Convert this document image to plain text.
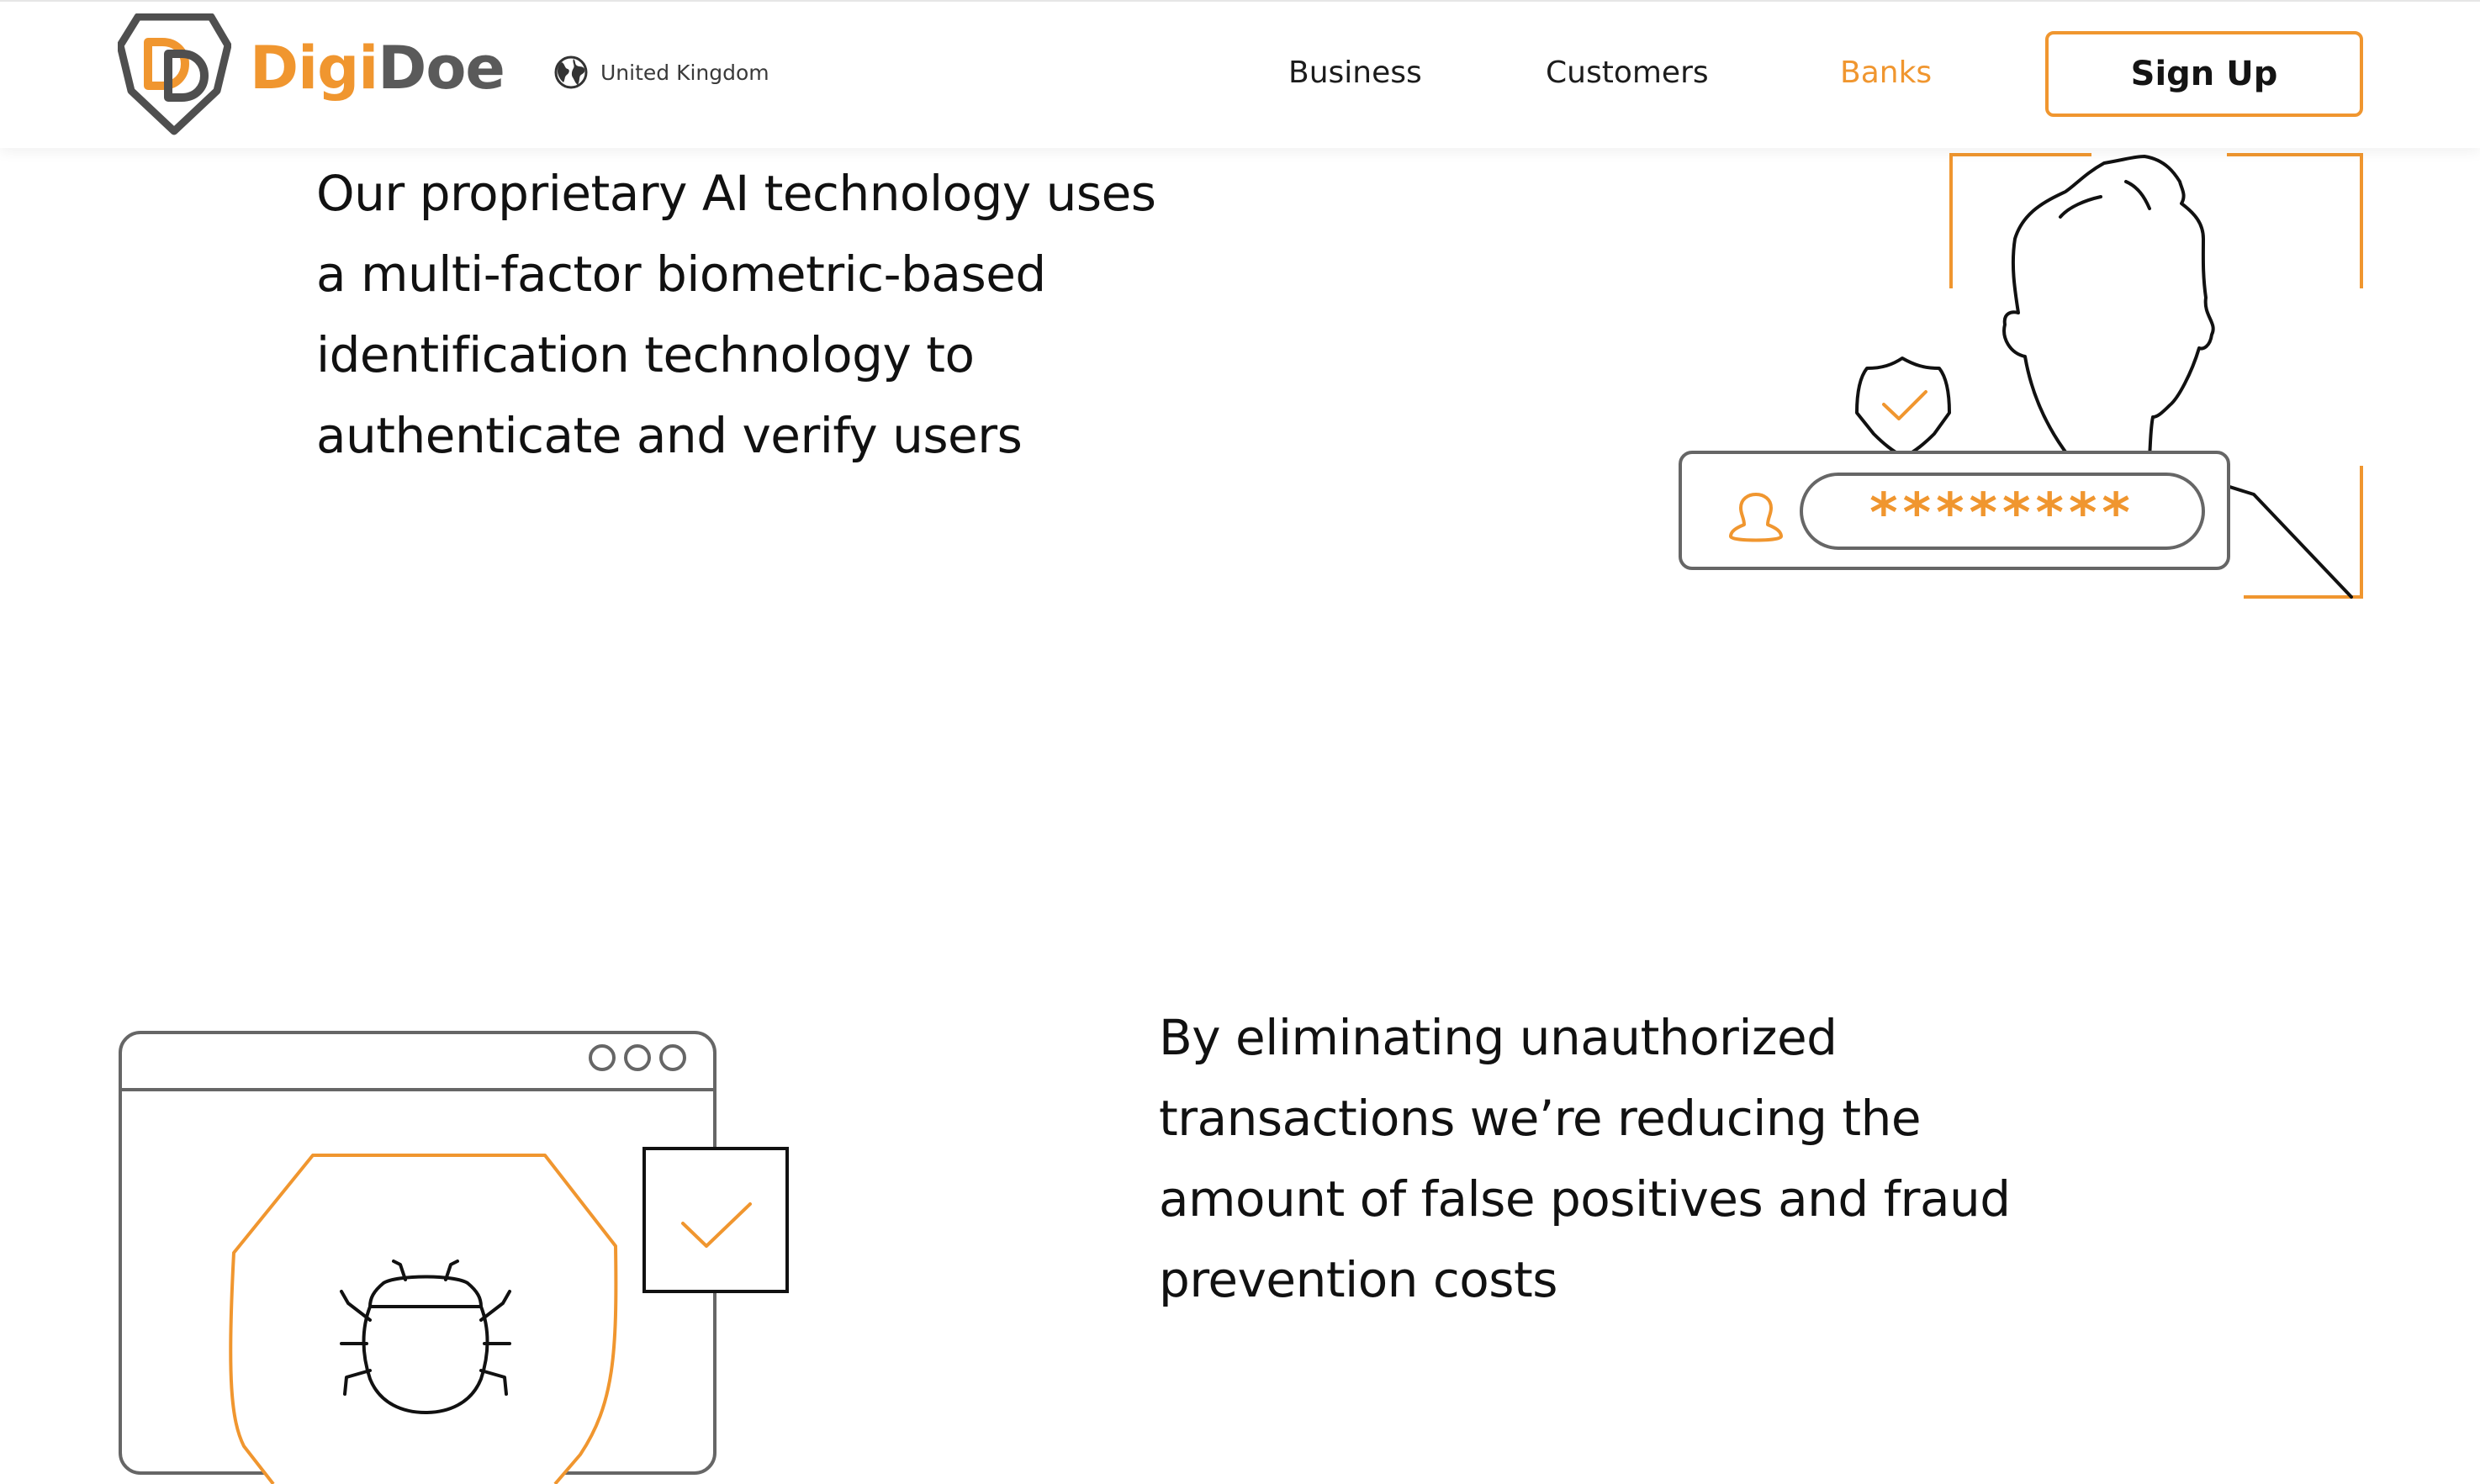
DigiDoe	United Kingdom	Business	Customers	Banks	Sign Up

Our proprietary AI technology uses
a multi-factor biometric-based
identification technology to
authenticate and verify users

********

By eliminating unauthorized
transactions we’re reducing the
amount of false positives and fraud
prevention costs
